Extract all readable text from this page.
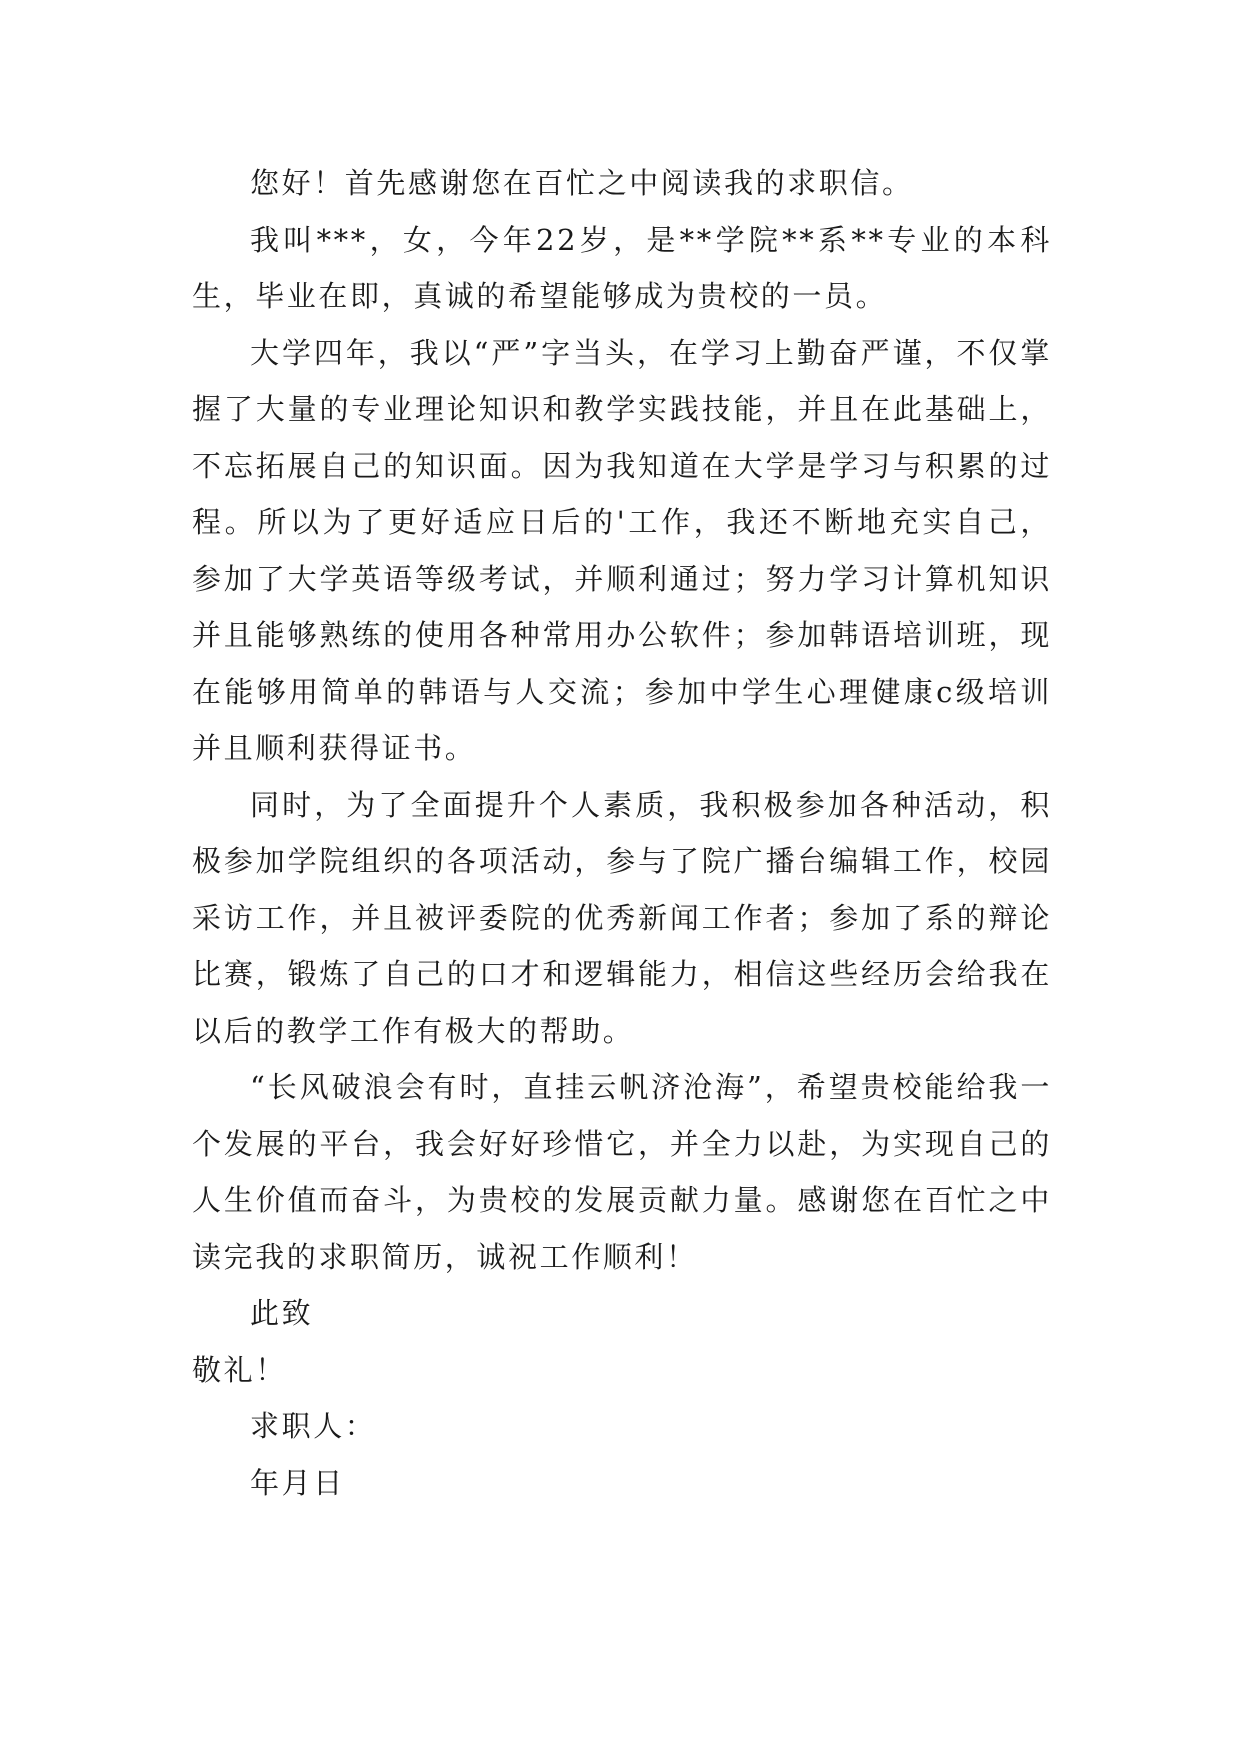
您好！首先感谢您在百忙之中阅读我的求职信。

我叫***，女，今年22岁，是**学院**系**专业的本科生，毕业在即，真诚的希望能够成为贵校的一员。

大学四年，我以“严”字当头，在学习上勤奋严谨，不仅掌握了大量的专业理论知识和教学实践技能，并且在此基础上，不忘拓展自己的知识面。因为我知道在大学是学习与积累的过程。所以为了更好适应日后的'工作，我还不断地充实自己，参加了大学英语等级考试，并顺利通过；努力学习计算机知识并且能够熟练的使用各种常用办公软件；参加韩语培训班，现在能够用简单的韩语与人交流；参加中学生心理健康c级培训并且顺利获得证书。

同时，为了全面提升个人素质，我积极参加各种活动，积极参加学院组织的各项活动，参与了院广播台编辑工作，校园采访工作，并且被评委院的优秀新闻工作者；参加了系的辩论比赛，锻炼了自己的口才和逻辑能力，相信这些经历会给我在以后的教学工作有极大的帮助。

“长风破浪会有时，直挂云帆济沧海”，希望贵校能给我一个发展的平台，我会好好珍惜它，并全力以赴，为实现自己的人生价值而奋斗，为贵校的发展贡献力量。感谢您在百忙之中读完我的求职简历，诚祝工作顺利！

此致

敬礼！

求职人：

年月日
